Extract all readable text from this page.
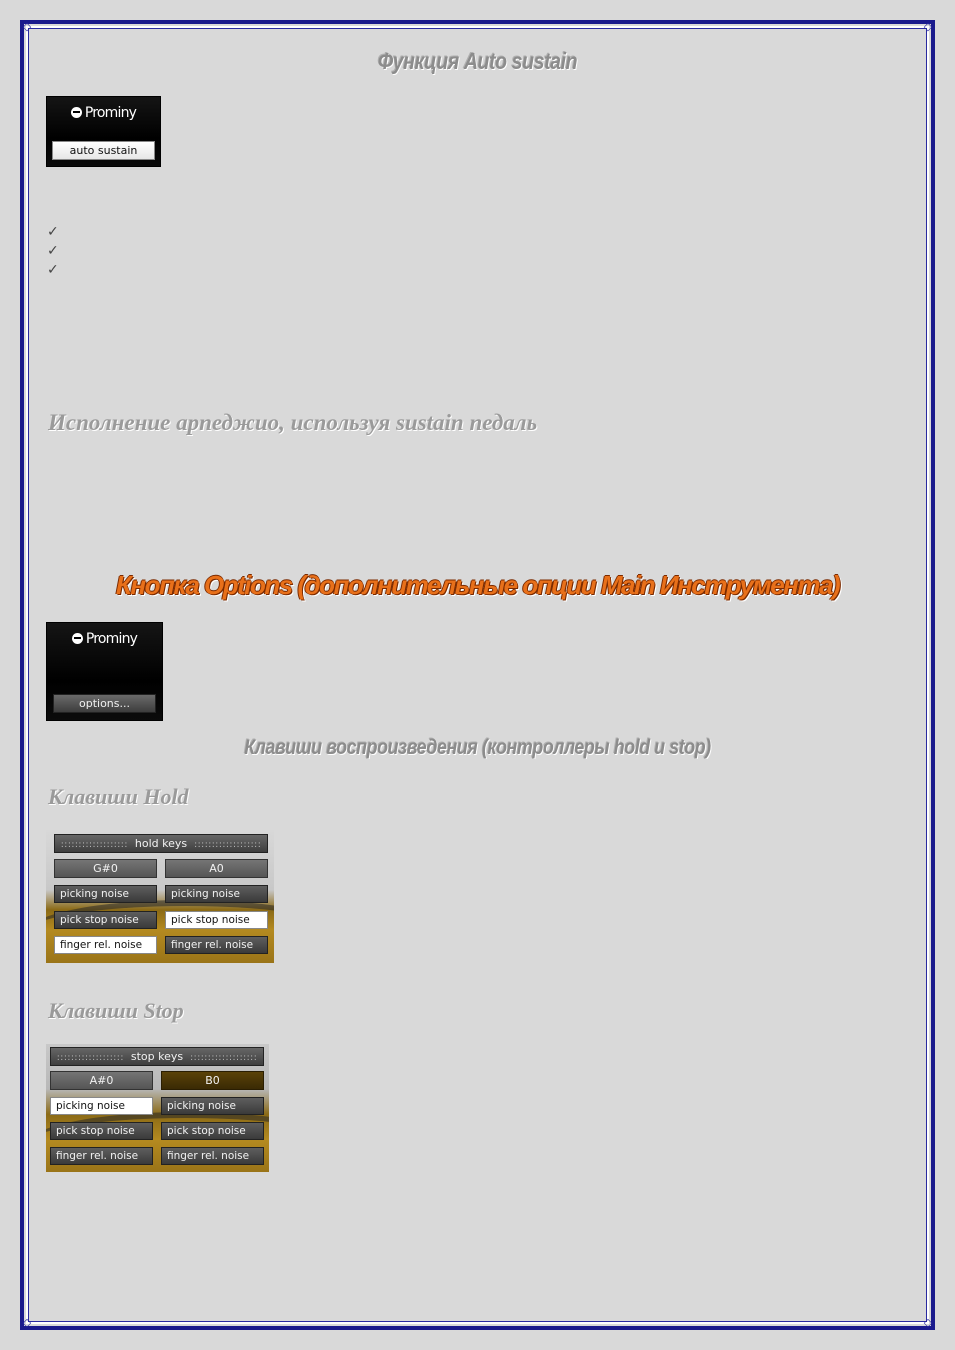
◇	◇
◇	◇
Функция Auto sustain
Prominy
auto sustain
✓
✓
✓
Исполнение арпеджио, используя sustain педаль
Кнопка Options (дополнительные опции Main Инструмента)
Prominy
options...
Клавиши воспроизведения (контроллеры hold и stop)
Клавиши Hold
::::::::::::::::::: hold keys :::::::::::::::::::
G#0	A0
picking noise	picking noise
pick stop noise	pick stop noise
finger rel. noise	finger rel. noise
Клавиши Stop
::::::::::::::::::: stop keys :::::::::::::::::::
A#0	B0
picking noise	picking noise
pick stop noise	pick stop noise
finger rel. noise	finger rel. noise
